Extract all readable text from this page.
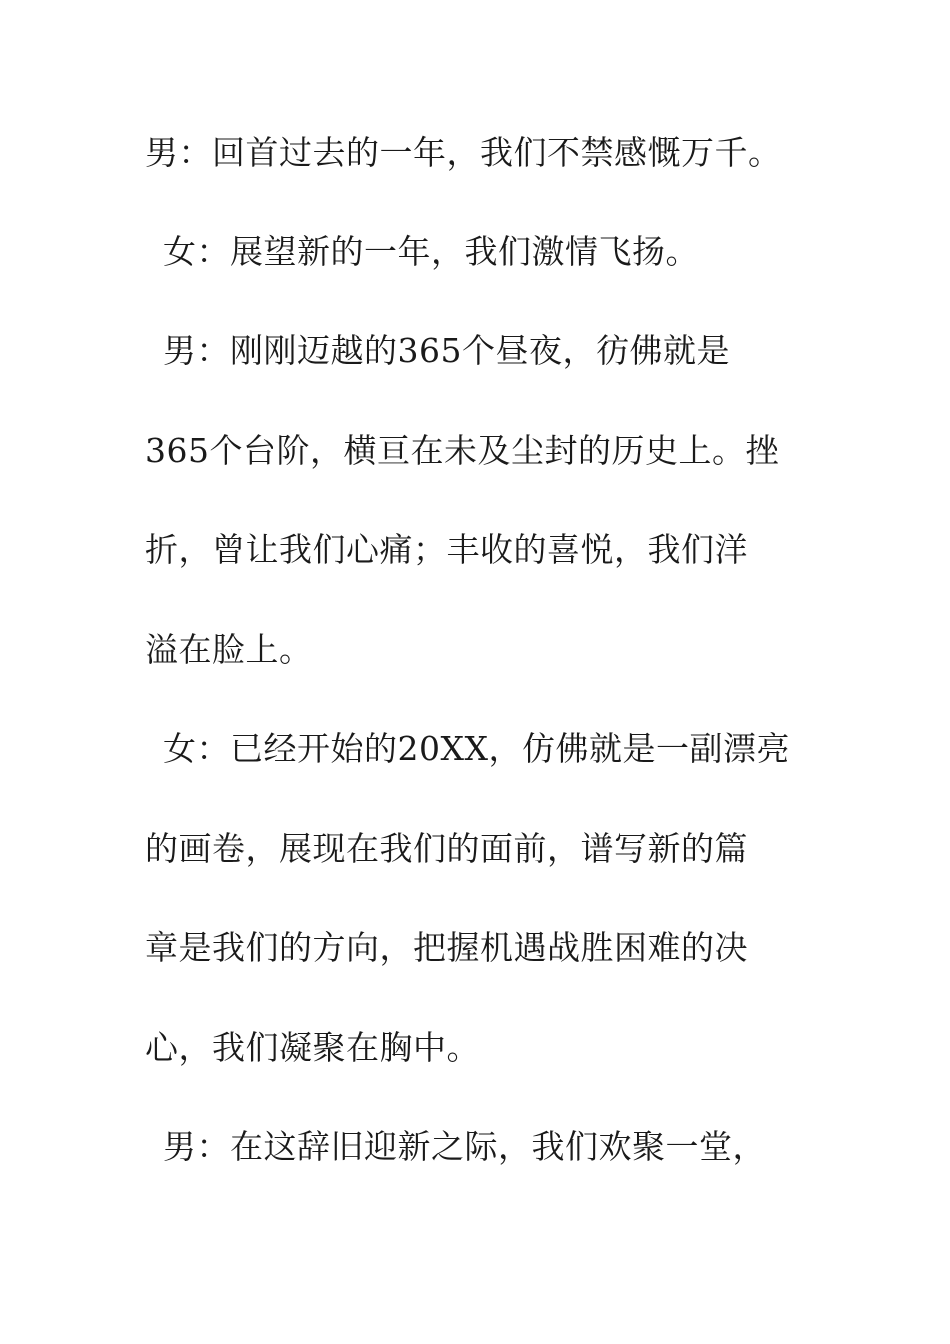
男：回首过去的一年，我们不禁感慨万千。
女：展望新的一年，我们激情飞扬。
男：刚刚迈越的365个昼夜，彷佛就是
365个台阶，横亘在未及尘封的历史上。挫
折，曾让我们心痛；丰收的喜悦，我们洋
溢在脸上。
女：已经开始的20XX，仿佛就是一副漂亮
的画卷，展现在我们的面前，谱写新的篇
章是我们的方向，把握机遇战胜困难的决
心，我们凝聚在胸中。
男：在这辞旧迎新之际，我们欢聚一堂，
